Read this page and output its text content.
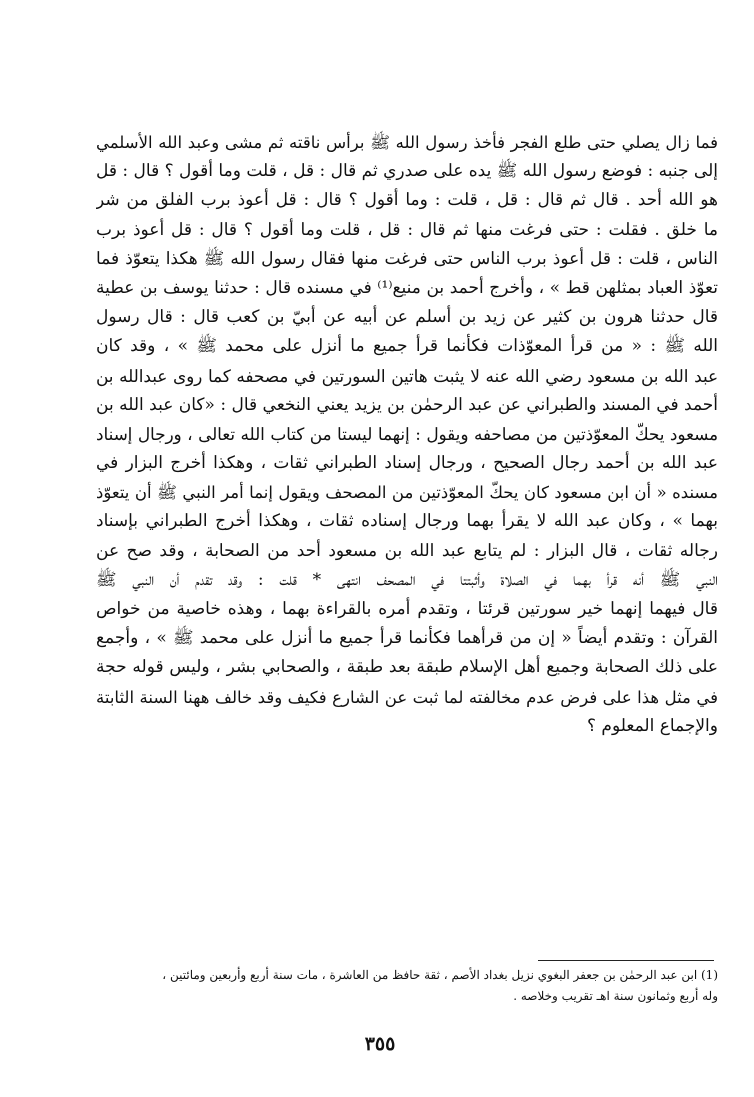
فما زال يصلي حتى طلع الفجر فأخذ رسول الله ﷺ برأس ناقته ثم مشى وعبد الله الأسلمي
إلى جنبه : فوضع رسول الله ﷺ يده على صدري ثم قال : قل ، قلت وما أقول ؟ قال : قل
هو الله أحد . قال ثم قال : قل ، قلت : وما أقول ؟ قال : قل أعوذ برب الفلق من شر
ما خلق . فقلت : حتى فرغت منها ثم قال : قل ، قلت وما أقول ؟ قال : قل أعوذ برب
الناس ، قلت : قل أعوذ برب الناس حتى فرغت منها فقال رسول الله ﷺ هكذا يتعوّذ فما
تعوّذ العباد بمثلهن قط » ، وأخرج أحمد بن منيع⁽¹⁾ في مسنده قال : حدثنا يوسف بن عطية
قال حدثنا هرون بن كثير عن زيد بن أسلم عن أبيه عن أبيّ بن كعب قال : قال رسول
الله ﷺ : « من قرأ المعوّذات فكأنما قرأ جميع ما أنزل على محمد ﷺ » ، وقد كان
عبد الله بن مسعود رضي الله عنه لا يثبت هاتين السورتين في مصحفه كما روى عبدالله بن
أحمد في المسند والطبراني عن عبد الرحمٰن بن يزيد يعني النخعي قال : «كان عبد الله بن
مسعود يحكّ المعوّذتين من مصاحفه ويقول : إنهما ليستا من كتاب الله تعالى ، ورجال إسناد
عبد الله بن أحمد رجال الصحيح ، ورجال إسناد الطبراني ثقات ، وهكذا أخرج البزار في
مسنده « أن ابن مسعود كان يحكّ المعوّذتين من المصحف ويقول إنما أمر النبي ﷺ أن يتعوّذ
بهما » ، وكان عبد الله لا يقرأ بهما ورجال إسناده ثقات ، وهكذا أخرج الطبراني بإسناد
رجاله ثقات ، قال البزار : لم يتابع عبد الله بن مسعود أحد من الصحابة ، وقد صح عن
النبي ﷺ أنه قرأ بهما في الصلاة وأثبتتا في المصحف انتهى * قلت : وقد تقدم أن النبي ﷺ
قال فيهما إنهما خير سورتين قرئتا ، وتقدم أمره بالقراءة بهما ، وهذه خاصية من خواص
القرآن : وتقدم أيضاً « إن من قرأهما فكأنما قرأ جميع ما أنزل على محمد ﷺ » ، وأجمع
على ذلك الصحابة وجميع أهل الإسلام طبقة بعد طبقة ، والصحابي بشر ، وليس قوله حجة
في مثل هذا على فرض عدم مخالفته لما ثبت عن الشارع فكيف وقد خالف ههنا السنة الثابتة
والإجماع المعلوم ؟
(1) ابن عبد الرحمٰن بن جعفر البغوي نزيل بغداد الأصم ، ثقة حافظ من العاشرة ، مات سنة أربع وأربعين ومائتين ،
وله أربع وثمانون سنة اهـ تقريب وخلاصه .
٣٥٥
